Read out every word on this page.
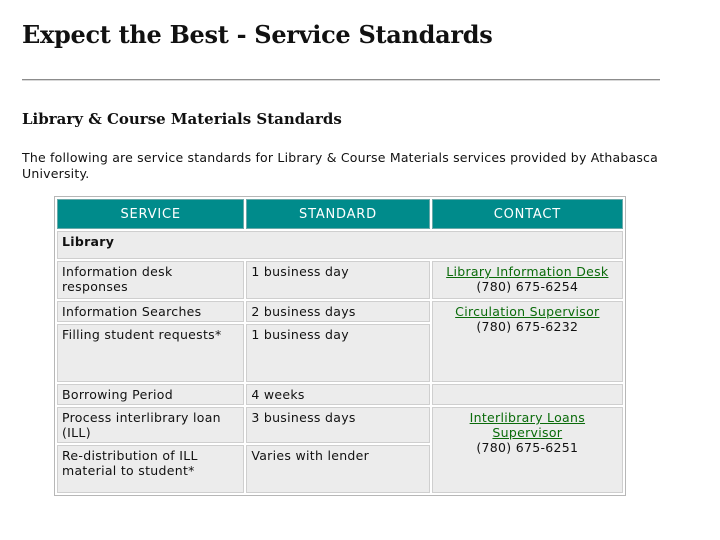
Expect the Best - Service Standards
Library & Course Materials Standards
The following are service standards for Library & Course Materials services provided by Athabasca University.
SERVICE	STANDARD	CONTACT
Library		
Information desk responses	1 business day	Library Information Desk
(780) 675-6254
Information Searches	2 business days	Circulation Supervisor
(780) 675-6232
Filling student requests*	1 business day	
Borrowing Period	4 weeks	
Process interlibrary loan (ILL)	3 business days	Interlibrary Loans Supervisor
(780) 675-6251
Re-distribution of ILL material to student*	Varies with lender	
